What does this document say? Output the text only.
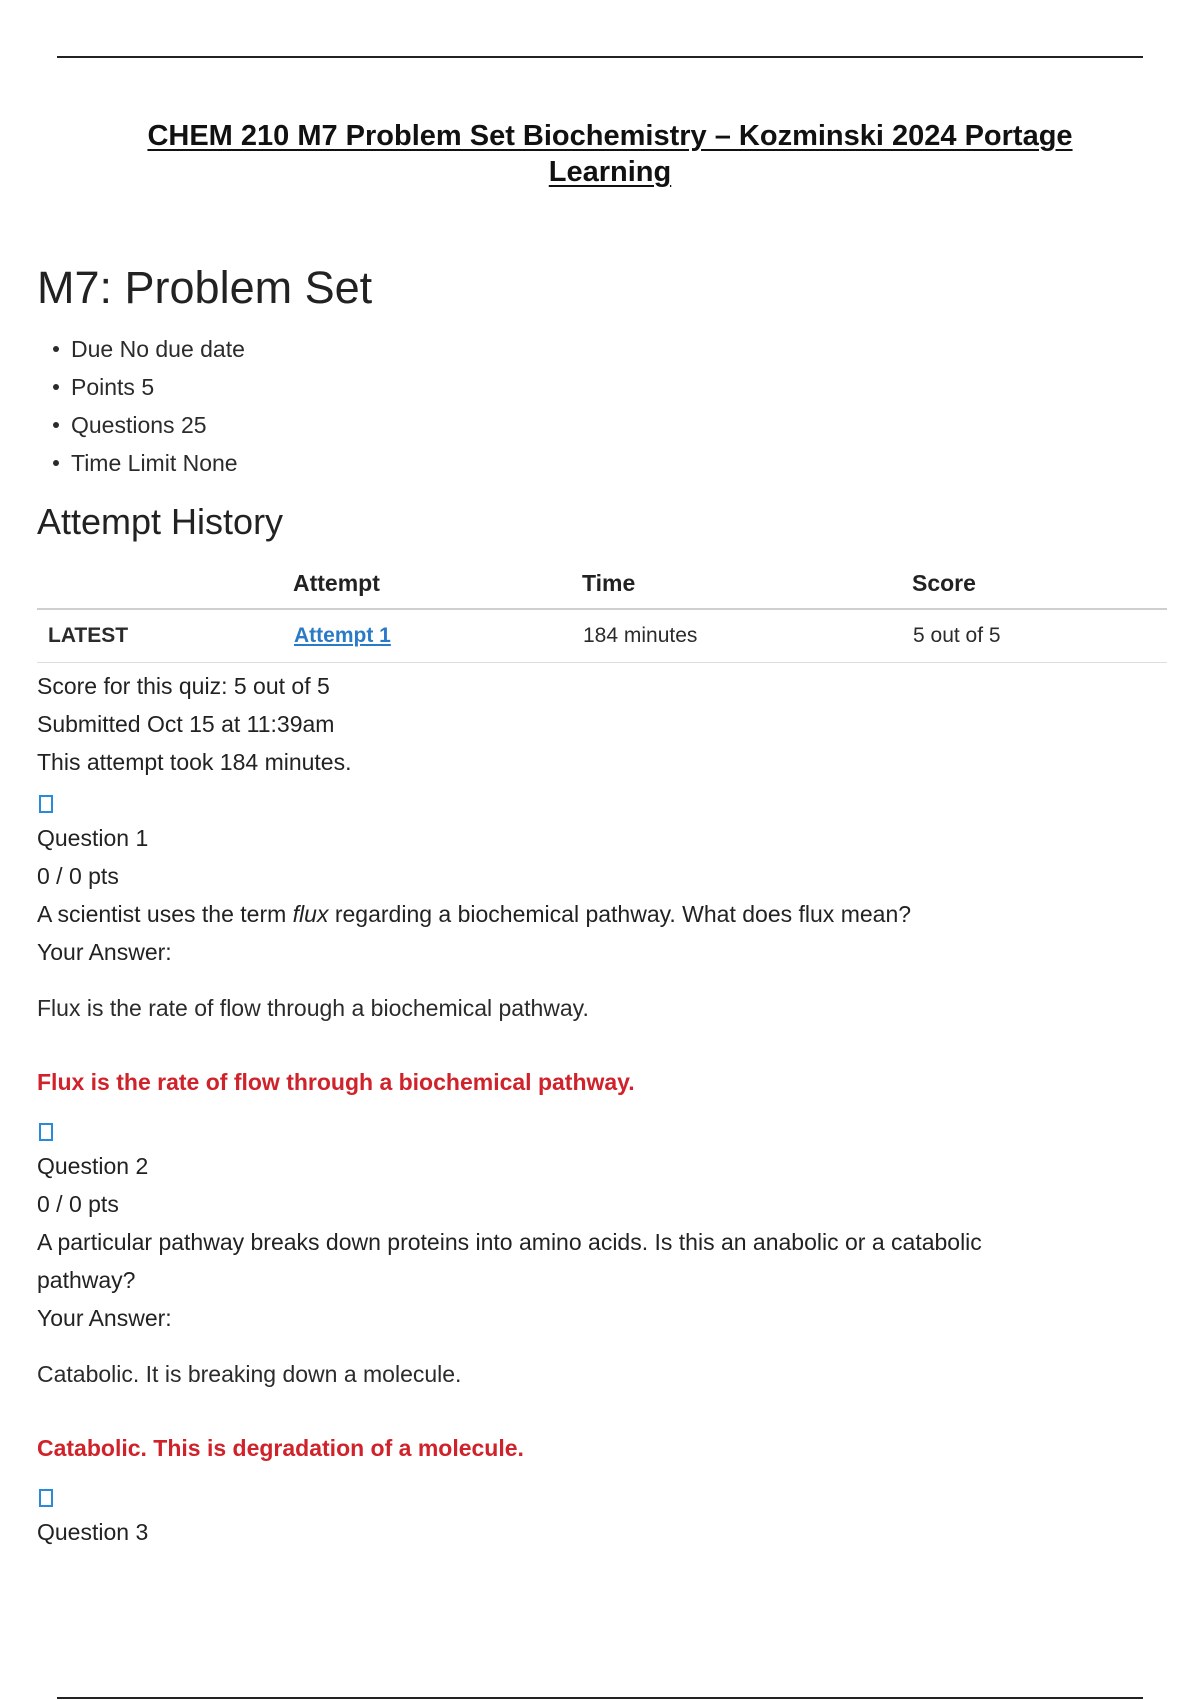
CHEM 210 M7 Problem Set Biochemistry – Kozminski 2024 Portage Learning
M7: Problem Set
Due No due date
Points 5
Questions 25
Time Limit None
Attempt History
	Attempt	Time	Score
LATEST	Attempt 1	184 minutes	5 out of 5
Score for this quiz: 5 out of 5
Submitted Oct 15 at 11:39am
This attempt took 184 minutes.
Question 1
0 / 0 pts
A scientist uses the term flux regarding a biochemical pathway. What does flux mean?
Your Answer:
Flux is the rate of flow through a biochemical pathway.
Flux is the rate of flow through a biochemical pathway.
Question 2
0 / 0 pts
A particular pathway breaks down proteins into amino acids. Is this an anabolic or a catabolic pathway?
Your Answer:
Catabolic. It is breaking down a molecule.
Catabolic. This is degradation of a molecule.
Question 3
